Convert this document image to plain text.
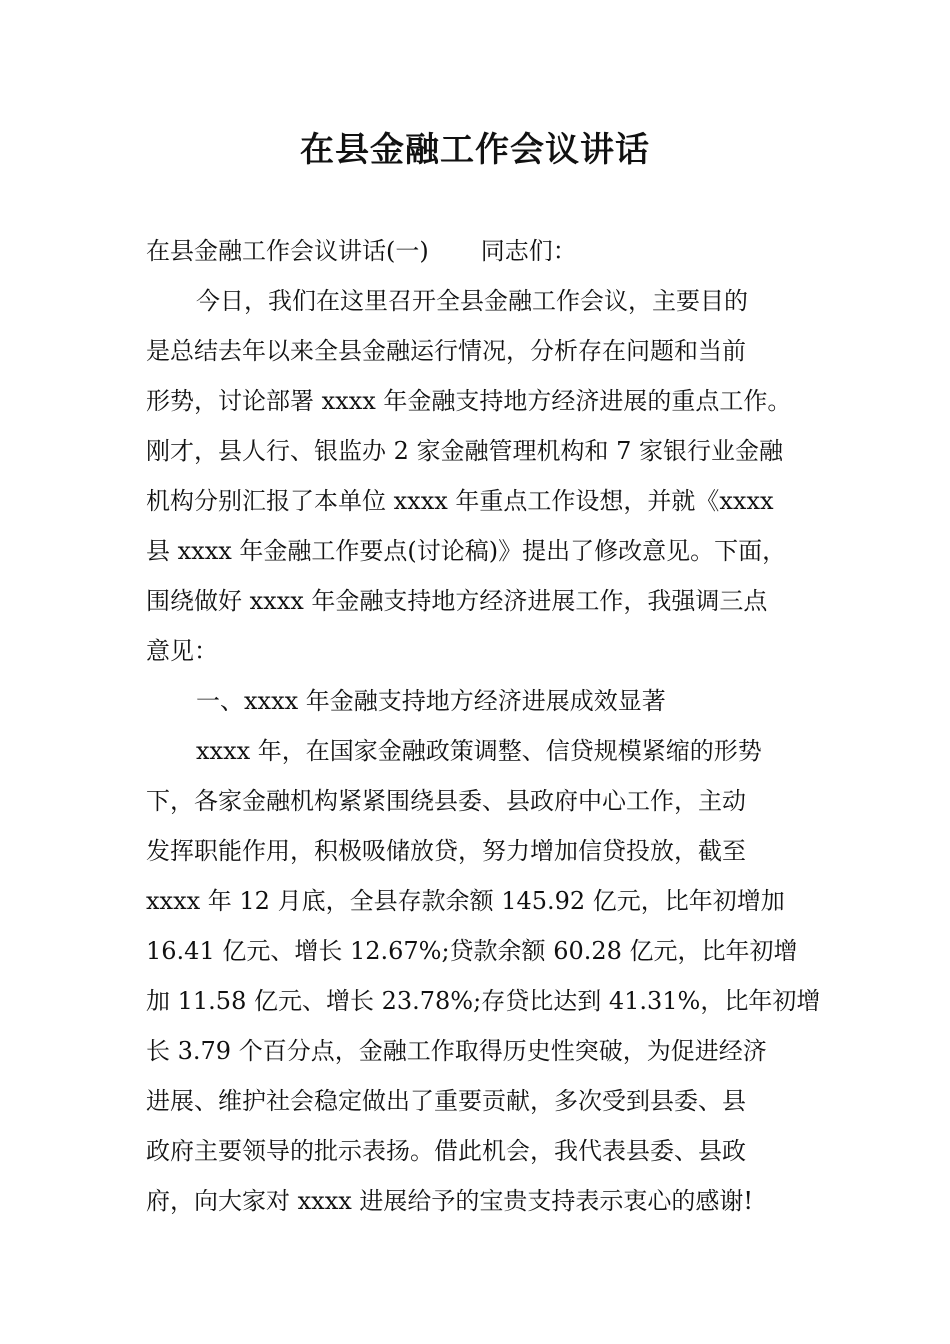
在县金融工作会议讲话
在县金融工作会议讲话(一) 同志们：
今日，我们在这里召开全县金融工作会议，主要目的
是总结去年以来全县金融运行情况，分析存在问题和当前
形势，讨论部署 xxxx 年金融支持地方经济进展的重点工作。
刚才，县人行、银监办 2 家金融管理机构和 7 家银行业金融
机构分别汇报了本单位 xxxx 年重点工作设想，并就《xxxx
县 xxxx 年金融工作要点(讨论稿)》提出了修改意见。下面，
围绕做好 xxxx 年金融支持地方经济进展工作，我强调三点
意见：
一、xxxx 年金融支持地方经济进展成效显著
xxxx 年，在国家金融政策调整、信贷规模紧缩的形势
下，各家金融机构紧紧围绕县委、县政府中心工作，主动
发挥职能作用，积极吸储放贷，努力增加信贷投放，截至
xxxx 年 12 月底，全县存款余额 145.92 亿元，比年初增加
16.41 亿元、增长 12.67%;贷款余额 60.28 亿元，比年初增
加 11.58 亿元、增长 23.78%;存贷比达到 41.31%，比年初增
长 3.79 个百分点，金融工作取得历史性突破，为促进经济
进展、维护社会稳定做出了重要贡献，多次受到县委、县
政府主要领导的批示表扬。借此机会，我代表县委、县政
府，向大家对 xxxx 进展给予的宝贵支持表示衷心的感谢!
